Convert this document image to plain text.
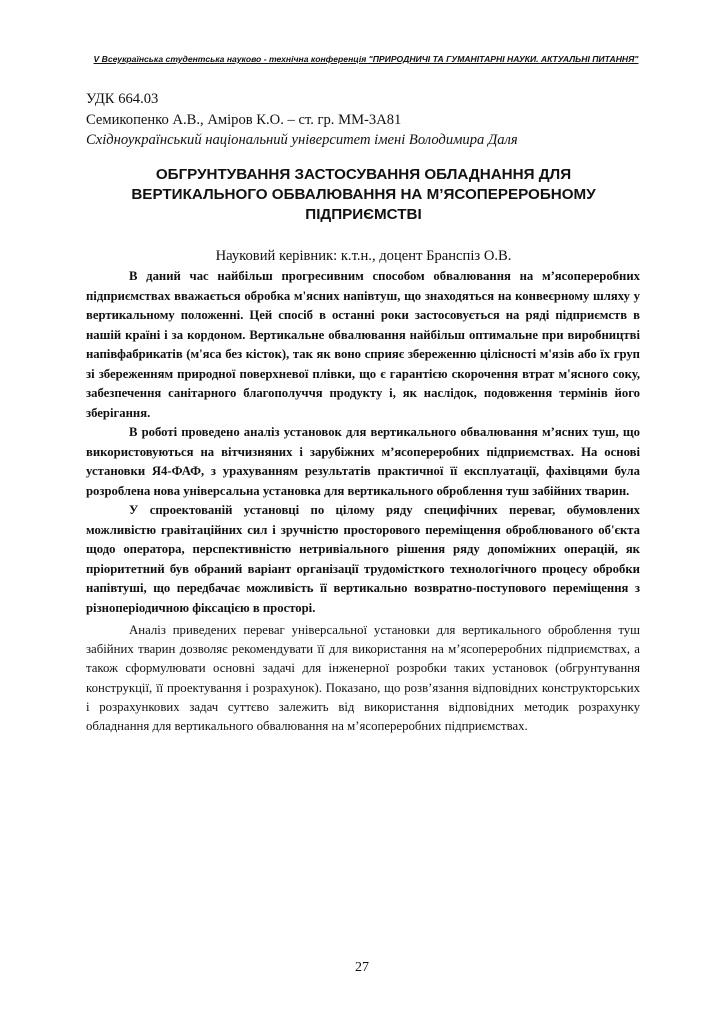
V Всеукраїнська студентська науково - технічна конференція "ПРИРОДНИЧІ ТА ГУМАНІТАРНІ НАУКИ. АКТУАЛЬНІ ПИТАННЯ"
УДК 664.03
Семикопенко А.В., Аміров К.О. – ст. гр. ММ-3А81
Східноукраїнський національний університет імені Володимира Даля
ОБГРУНТУВАННЯ ЗАСТОСУВАННЯ ОБЛАДНАННЯ ДЛЯ ВЕРТИКАЛЬНОГО ОБВАЛЮВАННЯ НА М’ЯСОПЕРЕРОБНОМУ ПІДПРИЄМСТВІ
Науковий керівник: к.т.н., доцент Бранспіз О.В.

В даний час найбільш прогресивним способом обвалювання на м’ясопереробних підприємствах вважається обробка м'ясних напівтуш, що знаходяться на конвеєрному шляху у вертикальному положенні. Цей спосіб в останні роки застосовується на ряді підприємств в нашій країні і за кордоном. Вертикальне обвалювання найбільш оптимальне при виробництві напівфабрикатів (м'яса без кісток), так як воно сприяє збереженню цілісності м'язів або їх груп зі збереженням природної поверхневої плівки, що є гарантією скорочення втрат м'ясного соку, забезпечення санітарного благополуччя продукту і, як наслідок, подовження термінів його зберігання.

В роботі проведено аналіз установок для вертикального обвалювання м’ясних туш, що використовуються на вітчизняних і зарубіжних м’ясопереробних підприємствах. На основі установки Я4-ФАФ, з урахуванням результатів практичної її експлуатації, фахівцями була розроблена нова універсальна установка для вертикального оброблення туш забійних тварин.

У спроектованій установці по цілому ряду специфічних переваг, обумовлених можливістю гравітаційних сил і зручністю просторового переміщення оброблюваного об'єкта щодо оператора, перспективністю нетривіального рішення ряду допоміжних операцій, як пріоритетний був обраний варіант організації трудомісткого технологічного процесу обробки напівтуші, що передбачає можливість її вертикально возвратно-поступового переміщення з різноперіодичною фіксацією в просторі.

Аналіз приведених переваг універсальної установки для вертикального оброблення туш забійних тварин дозволяє рекомендувати її для використання на м’ясопереробних підприємствах, а також сформулювати основні задачі для інженерної розробки таких установок (обгрунтування конструкції, її проектування і розрахунок). Показано, що розв’язання відповідних конструкторських і розрахункових задач суттєво залежить від використання відповідних методик розрахунку обладнання для вертикального обвалювання на м’ясопереробних підприємствах.

27
